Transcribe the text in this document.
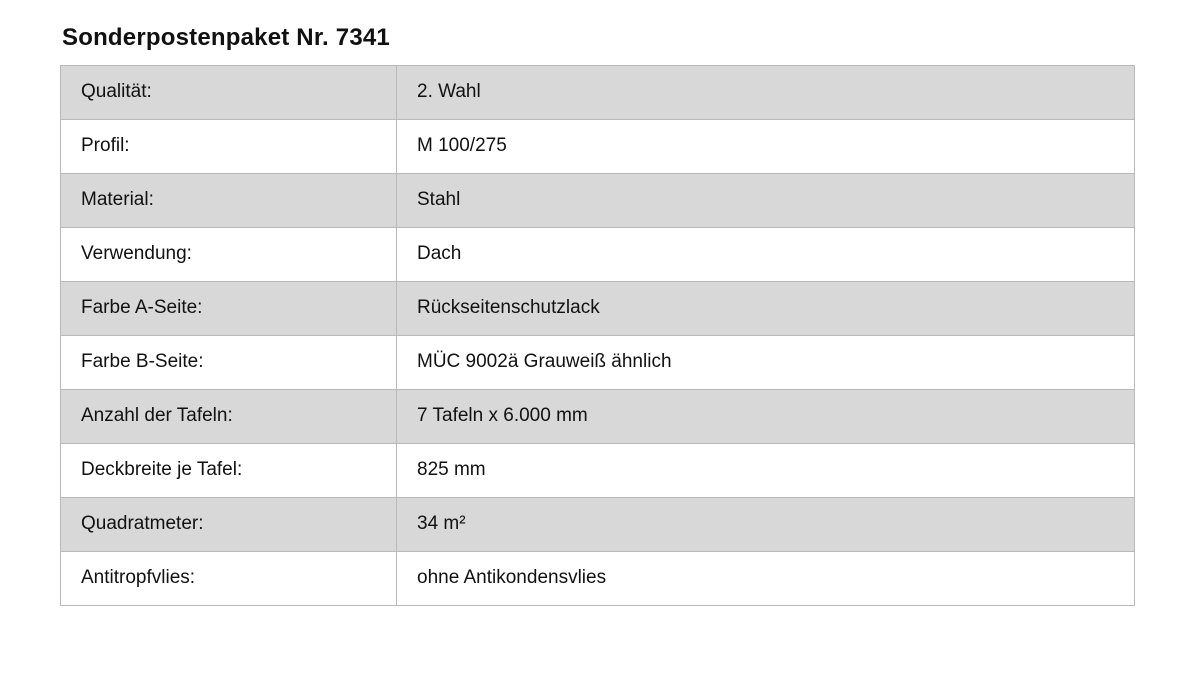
Sonderpostenpaket Nr. 7341
Qualität:	2. Wahl
Profil:	M 100/275
Material:	Stahl
Verwendung:	Dach
Farbe A-Seite:	Rückseitenschutzlack
Farbe B-Seite:	MÜC 9002ä Grauweiß ähnlich
Anzahl der Tafeln:	7 Tafeln x 6.000 mm
Deckbreite je Tafel:	825 mm
Quadratmeter:	34 m²
Antitropfvlies:	ohne Antikondensvlies
